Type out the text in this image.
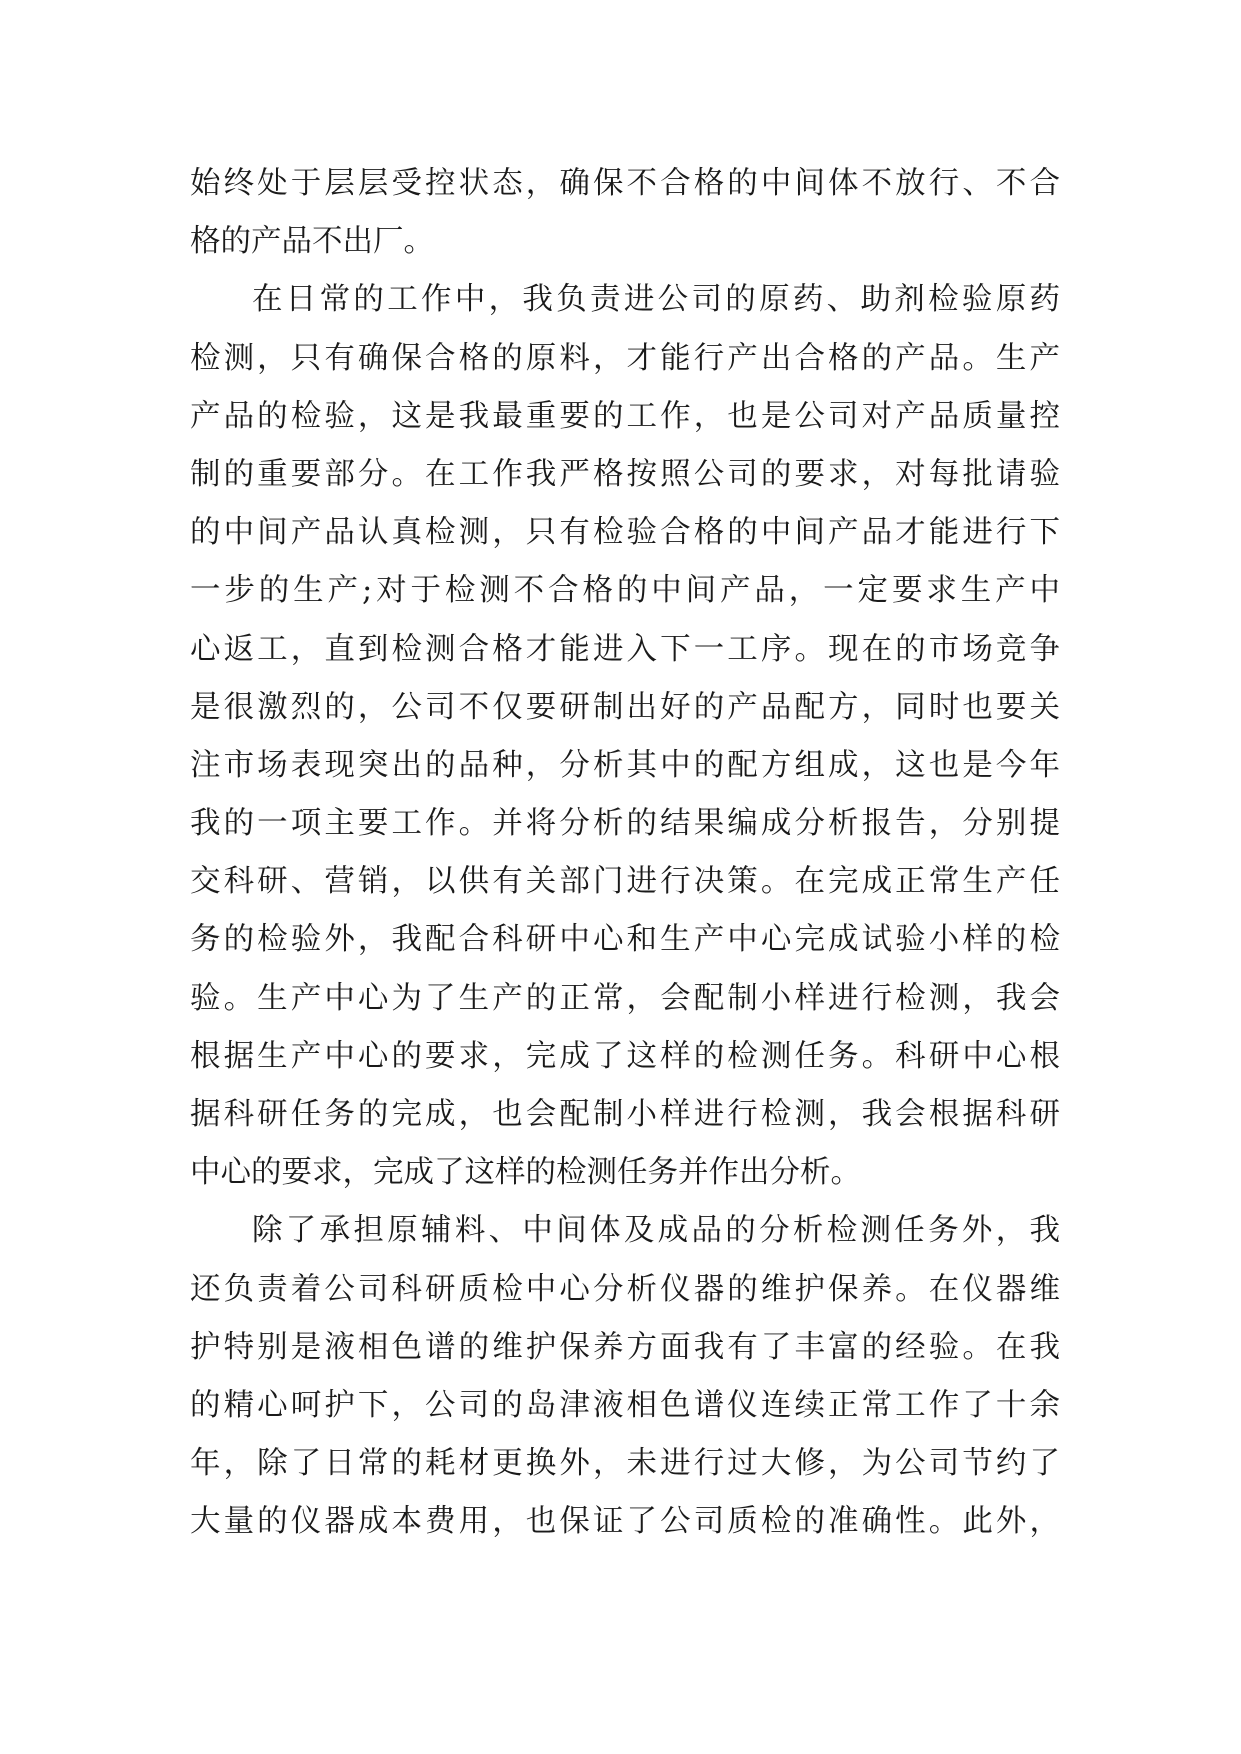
始终处于层层受控状态，确保不合格的中间体不放行、不合
格的产品不出厂。
在日常的工作中，我负责进公司的原药、助剂检验原药
检测，只有确保合格的原料，才能行产出合格的产品。生产
产品的检验，这是我最重要的工作，也是公司对产品质量控
制的重要部分。在工作我严格按照公司的要求，对每批请验
的中间产品认真检测，只有检验合格的中间产品才能进行下
一步的生产;对于检测不合格的中间产品，一定要求生产中
心返工，直到检测合格才能进入下一工序。现在的市场竞争
是很激烈的，公司不仅要研制出好的产品配方，同时也要关
注市场表现突出的品种，分析其中的配方组成，这也是今年
我的一项主要工作。并将分析的结果编成分析报告，分别提
交科研、营销，以供有关部门进行决策。在完成正常生产任
务的检验外，我配合科研中心和生产中心完成试验小样的检
验。生产中心为了生产的正常，会配制小样进行检测，我会
根据生产中心的要求，完成了这样的检测任务。科研中心根
据科研任务的完成，也会配制小样进行检测，我会根据科研
中心的要求，完成了这样的检测任务并作出分析。
除了承担原辅料、中间体及成品的分析检测任务外，我
还负责着公司科研质检中心分析仪器的维护保养。在仪器维
护特别是液相色谱的维护保养方面我有了丰富的经验。在我
的精心呵护下，公司的岛津液相色谱仪连续正常工作了十余
年，除了日常的耗材更换外，未进行过大修，为公司节约了
大量的仪器成本费用，也保证了公司质检的准确性。此外，
